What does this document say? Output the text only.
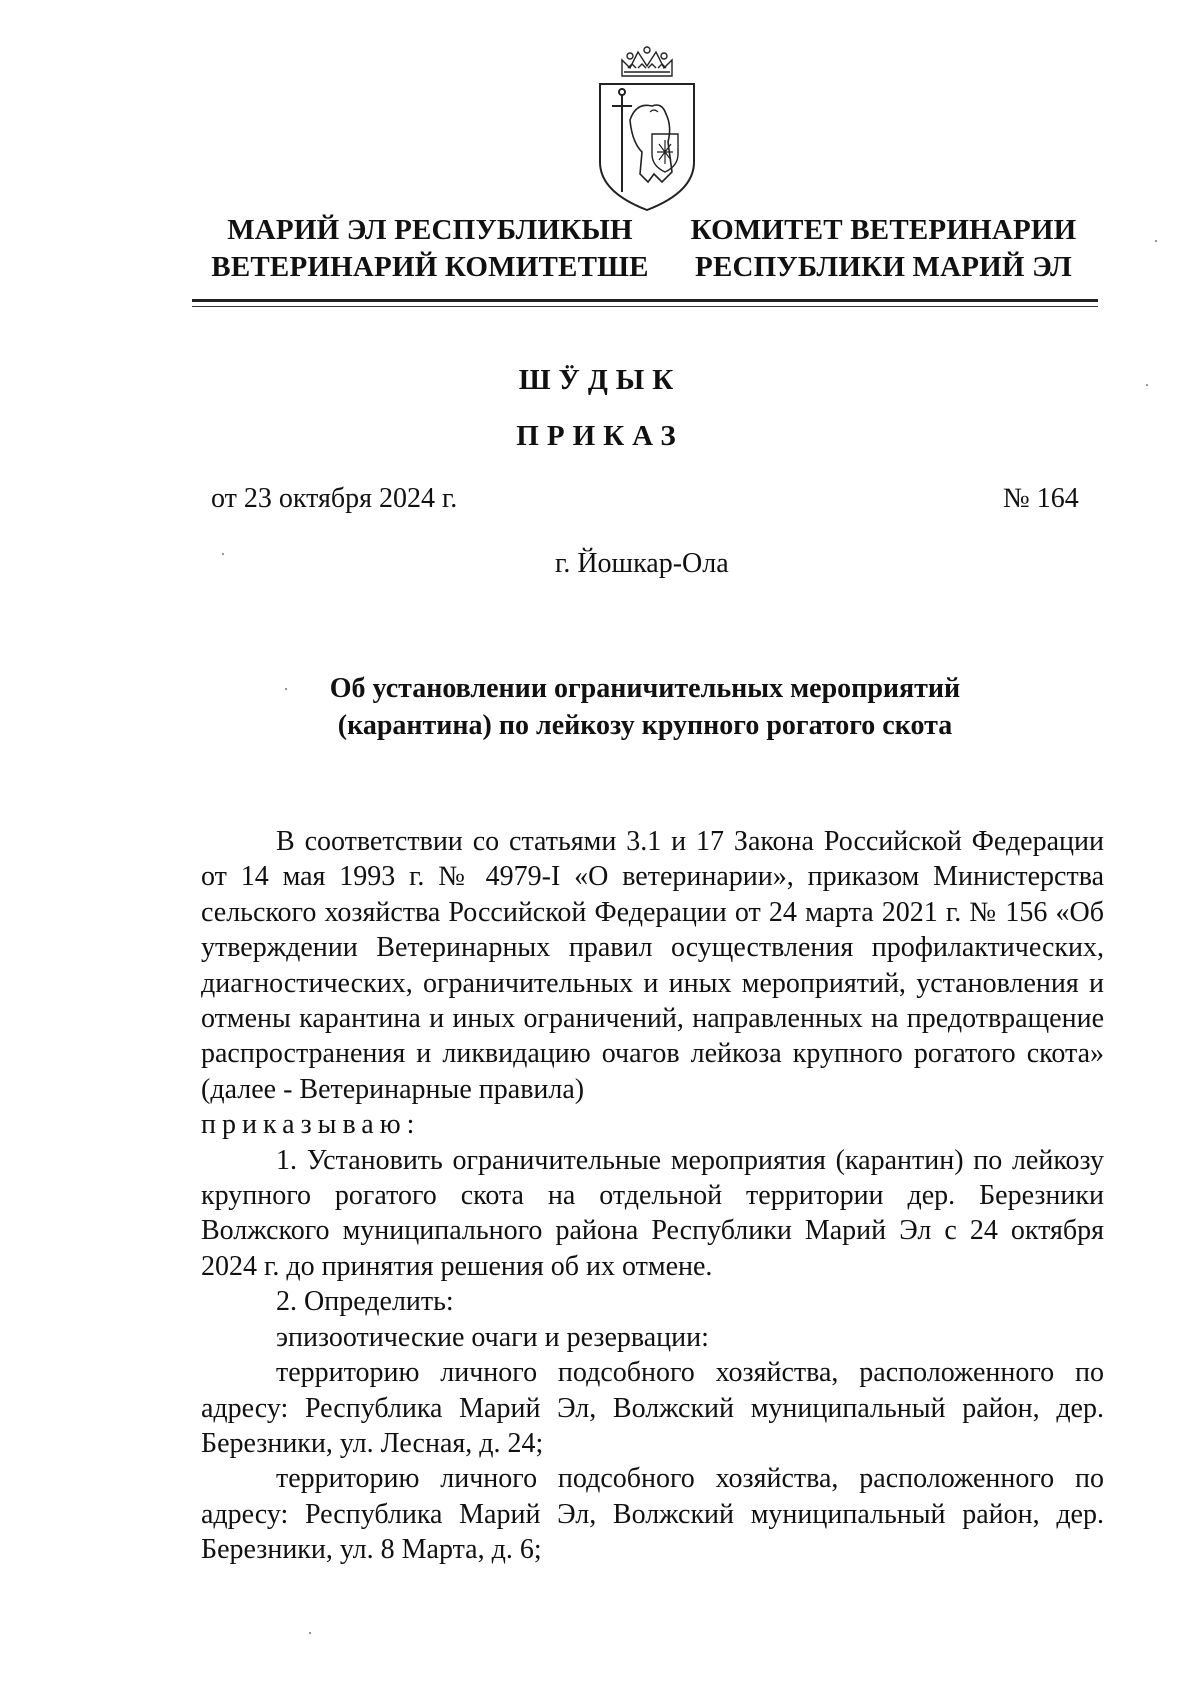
МАРИЙ ЭЛ РЕСПУБЛИКЫН
ВЕТЕРИНАРИЙ КОМИТЕТШЕ
КОМИТЕТ ВЕТЕРИНАРИИ
РЕСПУБЛИКИ МАРИЙ ЭЛ
ШӰДЫК
ПРИКАЗ
от 23 октября 2024 г.	№ 164
г. Йошкар-Ола
Об установлении ограничительных мероприятий
(карантина) по лейкозу крупного рогатого скота

В соответствии со статьями 3.1 и 17 Закона Российской Федерации от 14 мая 1993 г. № 4979-I «О ветеринарии», приказом Министерства сельского хозяйства Российской Федерации от 24 марта 2021 г. № 156 «Об утверждении Ветеринарных правил осуществления профилактических, диагностических, ограничительных и иных мероприятий, установления и отмены карантина и иных ограничений, направленных на предотвращение распространения и ликвидацию очагов лейкоза крупного рогатого скота» (далее - Ветеринарные правила)

приказываю:

1. Установить ограничительные мероприятия (карантин) по лейкозу крупного рогатого скота на отдельной территории дер. Березники Волжского муниципального района Республики Марий Эл с 24 октября 2024 г. до принятия решения об их отмене.

2. Определить:

эпизоотические очаги и резервации:

территорию личного подсобного хозяйства, расположенного по адресу: Республика Марий Эл, Волжский муниципальный район, дер. Березники, ул. Лесная, д. 24;

территорию личного подсобного хозяйства, расположенного по адресу: Республика Марий Эл, Волжский муниципальный район, дер. Березники, ул. 8 Марта, д. 6;
